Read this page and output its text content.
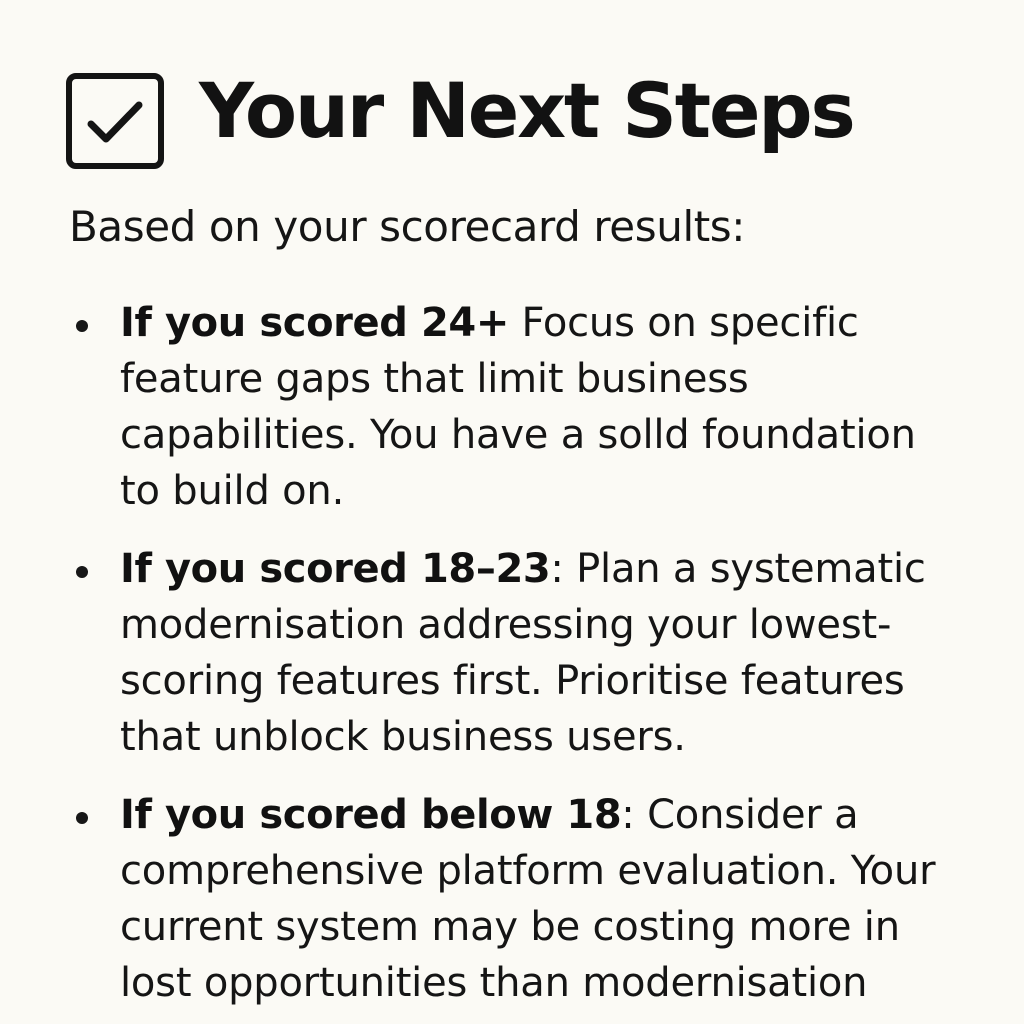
Your Next Steps

Based on your scorecard results:

If you scored 24+ Focus on specific
feature gaps that limit business
capabilities. You have a solld foundation
to build on.

If you scored 18–23: Plan a systematic
modernisation addressing your lowest-
scoring features first. Prioritise features
that unblock business users.

If you scored below 18: Consider a
comprehensive platform evaluation. Your
current system may be costing more in
lost opportunities than modernisation
